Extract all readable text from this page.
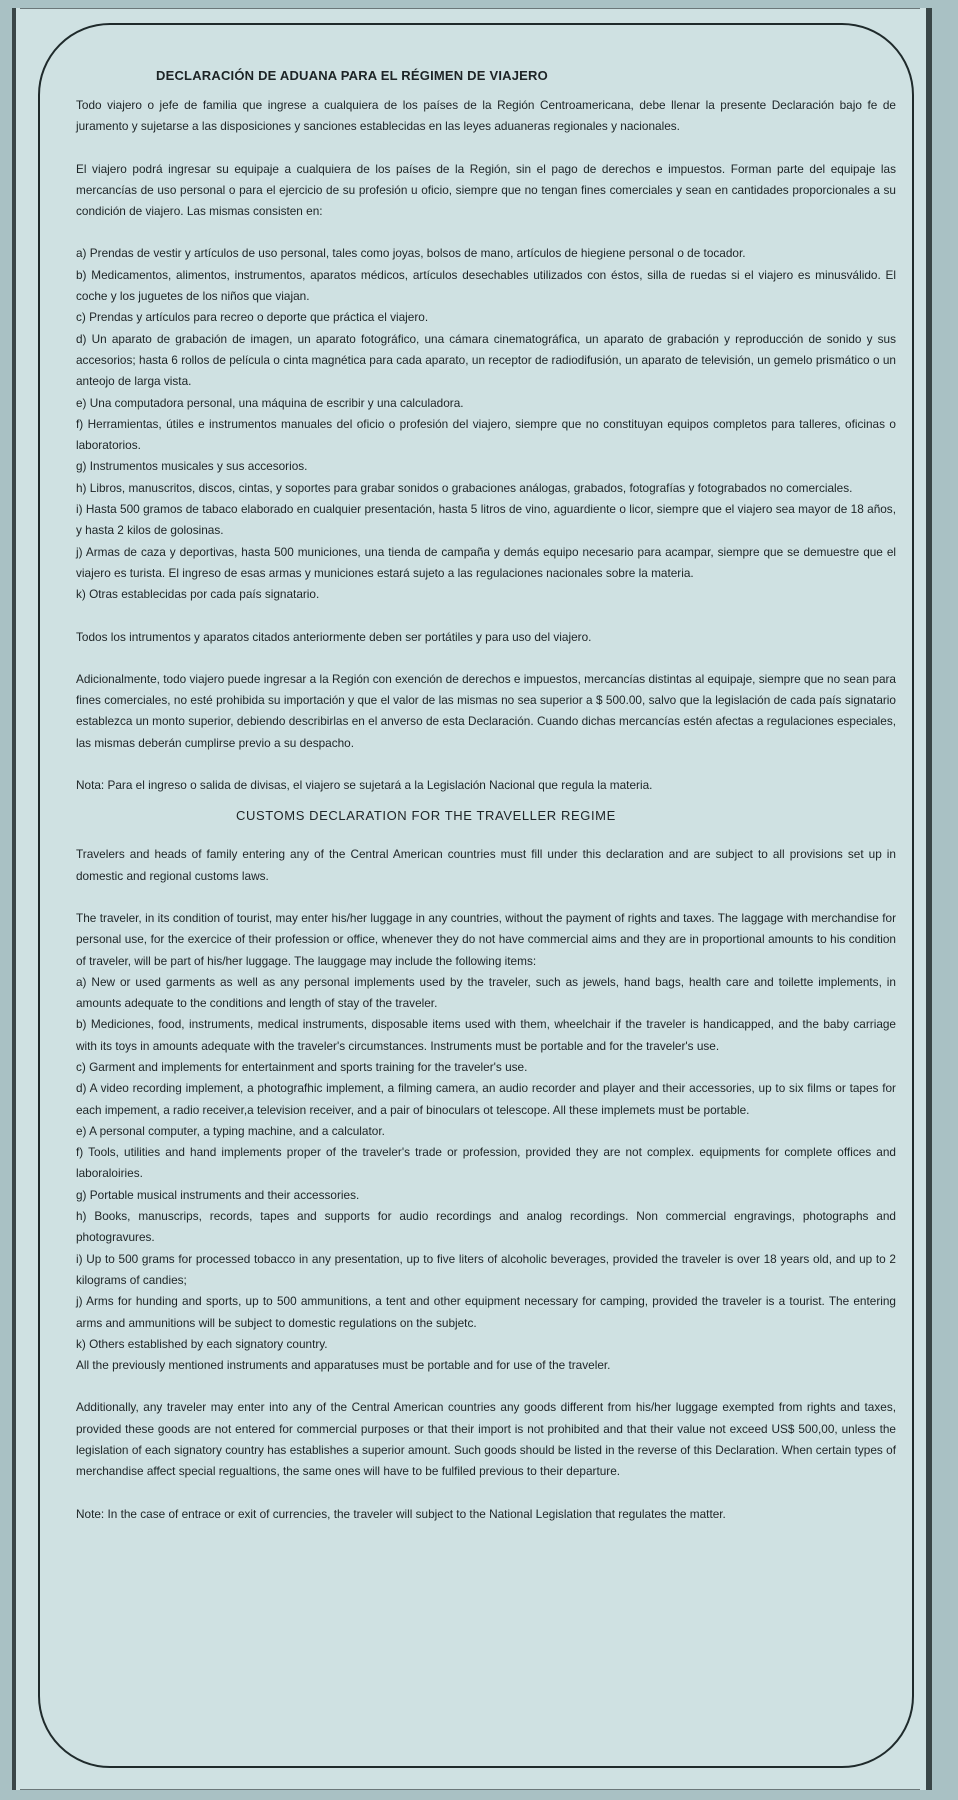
DECLARACIÓN DE ADUANA PARA EL RÉGIMEN DE VIAJERO

Todo viajero o jefe de familia que ingrese a cualquiera de los países de la Región Centroamericana, debe llenar la presente Declaración bajo fe de juramento y sujetarse a las disposiciones y sanciones establecidas en las leyes aduaneras regionales y nacionales.

El viajero podrá ingresar su equipaje a cualquiera de los países de la Región, sin el pago de derechos e impuestos. Forman parte del equipaje las mercancías de uso personal o para el ejercicio de su profesión u oficio, siempre que no tengan fines comerciales y sean en cantidades proporcionales a su condición de viajero. Las mismas consisten en:

a) Prendas de vestir y artículos de uso personal, tales como joyas, bolsos de mano, artículos de hiegiene personal o de tocador.

b) Medicamentos, alimentos, instrumentos, aparatos médicos, artículos desechables utilizados con éstos, silla de ruedas si el viajero es minusválido. El coche y los juguetes de los niños que viajan.

c) Prendas y artículos para recreo o deporte que práctica el viajero.

d) Un aparato de grabación de imagen, un aparato fotográfico, una cámara cinematográfica, un aparato de grabación y reproducción de sonido y sus accesorios; hasta 6 rollos de película o cinta magnética para cada aparato, un receptor de radiodifusión, un aparato de televisión, un gemelo prismático o un anteojo de larga vista.

e) Una computadora personal, una máquina de escribir y una calculadora.

f) Herramientas, útiles e instrumentos manuales del oficio o profesión del viajero, siempre que no constituyan equipos completos para talleres, oficinas o laboratorios.

g) Instrumentos musicales y sus accesorios.

h) Libros, manuscritos, discos, cintas, y soportes para grabar sonidos o grabaciones análogas, grabados, fotografías y fotograbados no comerciales.

i) Hasta 500 gramos de tabaco elaborado en cualquier presentación, hasta 5 litros de vino, aguardiente o licor, siempre que el viajero sea mayor de 18 años, y hasta 2 kilos de golosinas.

j) Armas de caza y deportivas, hasta 500 municiones, una tienda de campaña y demás equipo necesario para acampar, siempre que se demuestre que el viajero es turista. El ingreso de esas armas y municiones estará sujeto a las regulaciones nacionales sobre la materia.

k) Otras establecidas por cada país signatario.

Todos los intrumentos y aparatos citados anteriormente deben ser portátiles y para uso del viajero.

Adicionalmente, todo viajero puede ingresar a la Región con exención de derechos e impuestos, mercancías distintas al equipaje, siempre que no sean para fines comerciales, no esté prohibida su importación y que el valor de las mismas no sea superior a $ 500.00, salvo que la legislación de cada país signatario establezca un monto superior, debiendo describirlas en el anverso de esta Declaración. Cuando dichas mercancías estén afectas a regulaciones especiales, las mismas deberán cumplirse previo a su despacho.

Nota: Para el ingreso o salida de divisas, el viajero se sujetará a la Legislación Nacional que regula la materia.

CUSTOMS DECLARATION FOR THE TRAVELLER REGIME

Travelers and heads of family entering any of the Central American countries must fill under this declaration and are subject to all provisions set up in domestic and regional customs laws.

The traveler, in its condition of tourist, may enter his/her luggage in any countries, without the payment of rights and taxes. The laggage with merchandise for personal use, for the exercice of their profession or office, whenever they do not have commercial aims and they are in proportional amounts to his condition of traveler, will be part of his/her luggage. The lauggage may include the following items:

a) New or used garments as well as any personal implements used by the traveler, such as jewels, hand bags, health care and toilette implements, in amounts adequate to the conditions and length of stay of the traveler.

b) Mediciones, food, instruments, medical instruments, disposable items used with them, wheelchair if the traveler is handicapped, and the baby carriage with its toys in amounts adequate with the traveler's circumstances. Instruments must be portable and for the traveler's use.

c) Garment and implements for entertainment and sports training for the traveler's use.

d) A video recording implement, a photografhic implement, a filming camera, an audio recorder and player and their accessories, up to six films or tapes for each impement, a radio receiver,a television receiver, and a pair of binoculars ot telescope. All these implemets must be portable.

e) A personal computer, a typing machine, and a calculator.

f) Tools, utilities and hand implements proper of the traveler's trade or profession, provided they are not complex. equipments for complete offices and laboraloiries.

g) Portable musical instruments and their accessories.

h) Books, manuscrips, records, tapes and supports for audio recordings and analog recordings. Non commercial engravings, photographs and photogravures.

i) Up to 500 grams for processed tobacco in any presentation, up to five liters of alcoholic beverages, provided the traveler is over 18 years old, and up to 2 kilograms of candies;

j) Arms for hunding and sports, up to 500 ammunitions, a tent and other equipment necessary for camping, provided the traveler is a tourist. The entering arms and ammunitions will be subject to domestic regulations on the subjetc.

k) Others established by each signatory country.

All the previously mentioned instruments and apparatuses must be portable and for use of the traveler.

Additionally, any traveler may enter into any of the Central American countries any goods different from his/her luggage exempted from rights and taxes, provided these goods are not entered for commercial purposes or that their import is not prohibited and that their value not exceed US$ 500,00, unless the legislation of each signatory country has establishes a superior amount. Such goods should be listed in the reverse of this Declaration. When certain types of merchandise affect special regualtions, the same ones will have to be fulfiled previous to their departure.

Note: In the case of entrace or exit of currencies, the traveler will subject to the National Legislation that regulates the matter.
